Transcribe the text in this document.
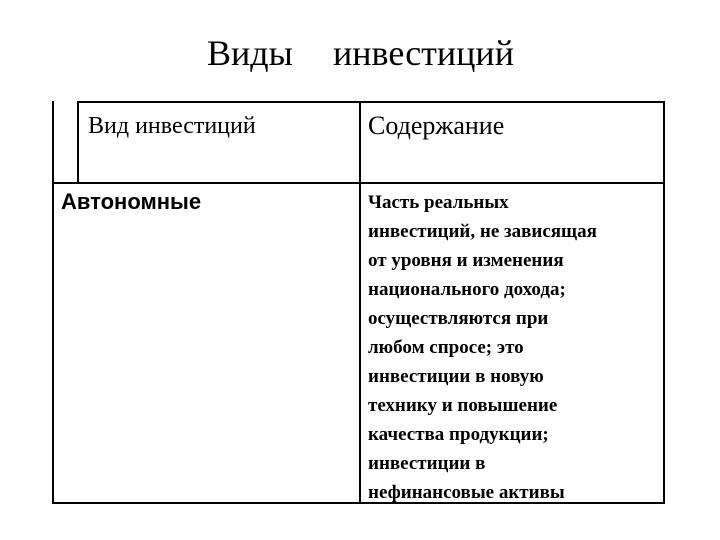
Виды инвестиций
Вид инвестиций	Содержание
Автономные	Часть реальных
инвестиций, не зависящая
от уровня и изменения
национального дохода;
осуществляются при
любом спросе; это
инвестиции в новую
технику и повышение
качества продукции;
инвестиции в
нефинансовые активы
